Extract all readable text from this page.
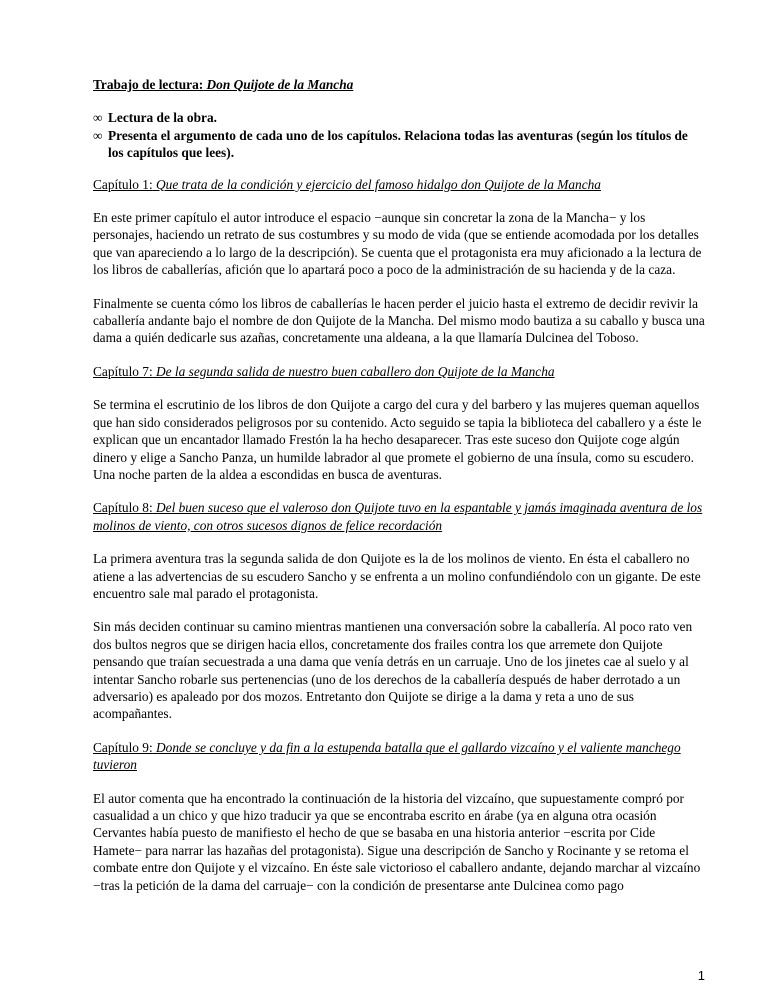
Trabajo de lectura: Don Quijote de la Mancha
∞ Lectura de la obra.
∞ Presenta el argumento de cada uno de los capítulos. Relaciona todas las aventuras (según los títulos de los capítulos que lees).
Capítulo 1: Que trata de la condición y ejercicio del famoso hidalgo don Quijote de la Mancha

En este primer capítulo el autor introduce el espacio −aunque sin concretar la zona de la Mancha− y los personajes, haciendo un retrato de sus costumbres y su modo de vida (que se entiende acomodada por los detalles que van apareciendo a lo largo de la descripción). Se cuenta que el protagonista era muy aficionado a la lectura de los libros de caballerías, afición que lo apartará poco a poco de la administración de su hacienda y de la caza.

Finalmente se cuenta cómo los libros de caballerías le hacen perder el juicio hasta el extremo de decidir revivir la caballería andante bajo el nombre de don Quijote de la Mancha. Del mismo modo bautiza a su caballo y busca una dama a quién dedicarle sus azañas, concretamente una aldeana, a la que llamaría Dulcinea del Toboso.

Capítulo 7: De la segunda salida de nuestro buen caballero don Quijote de la Mancha

Se termina el escrutinio de los libros de don Quijote a cargo del cura y del barbero y las mujeres queman aquellos que han sido considerados peligrosos por su contenido. Acto seguido se tapia la biblioteca del caballero y a éste le explican que un encantador llamado Frestón la ha hecho desaparecer. Tras este suceso don Quijote coge algún dinero y elige a Sancho Panza, un humilde labrador al que promete el gobierno de una ínsula, como su escudero. Una noche parten de la aldea a escondidas en busca de aventuras.

Capítulo 8: Del buen suceso que el valeroso don Quijote tuvo en la espantable y jamás imaginada aventura de los molinos de viento, con otros sucesos dignos de felice recordación

La primera aventura tras la segunda salida de don Quijote es la de los molinos de viento. En ésta el caballero no atiene a las advertencias de su escudero Sancho y se enfrenta a un molino confundiéndolo con un gigante. De este encuentro sale mal parado el protagonista.

Sin más deciden continuar su camino mientras mantienen una conversación sobre la caballería. Al poco rato ven dos bultos negros que se dirigen hacia ellos, concretamente dos frailes contra los que arremete don Quijote pensando que traían secuestrada a una dama que venía detrás en un carruaje. Uno de los jinetes cae al suelo y al intentar Sancho robarle sus pertenencias (uno de los derechos de la caballería después de haber derrotado a un adversario) es apaleado por dos mozos. Entretanto don Quijote se dirige a la dama y reta a uno de sus acompañantes.

Capítulo 9: Donde se concluye y da fin a la estupenda batalla que el gallardo vizcaíno y el valiente manchego tuvieron

El autor comenta que ha encontrado la continuación de la historia del vizcaíno, que supuestamente compró por casualidad a un chico y que hizo traducir ya que se encontraba escrito en árabe (ya en alguna otra ocasión Cervantes había puesto de manifiesto el hecho de que se basaba en una historia anterior −escrita por Cide Hamete− para narrar las hazañas del protagonista). Sigue una descripción de Sancho y Rocinante y se retoma el combate entre don Quijote y el vizcaíno. En éste sale victorioso el caballero andante, dejando marchar al vizcaíno −tras la petición de la dama del carruaje− con la condición de presentarse ante Dulcinea como pago

1
